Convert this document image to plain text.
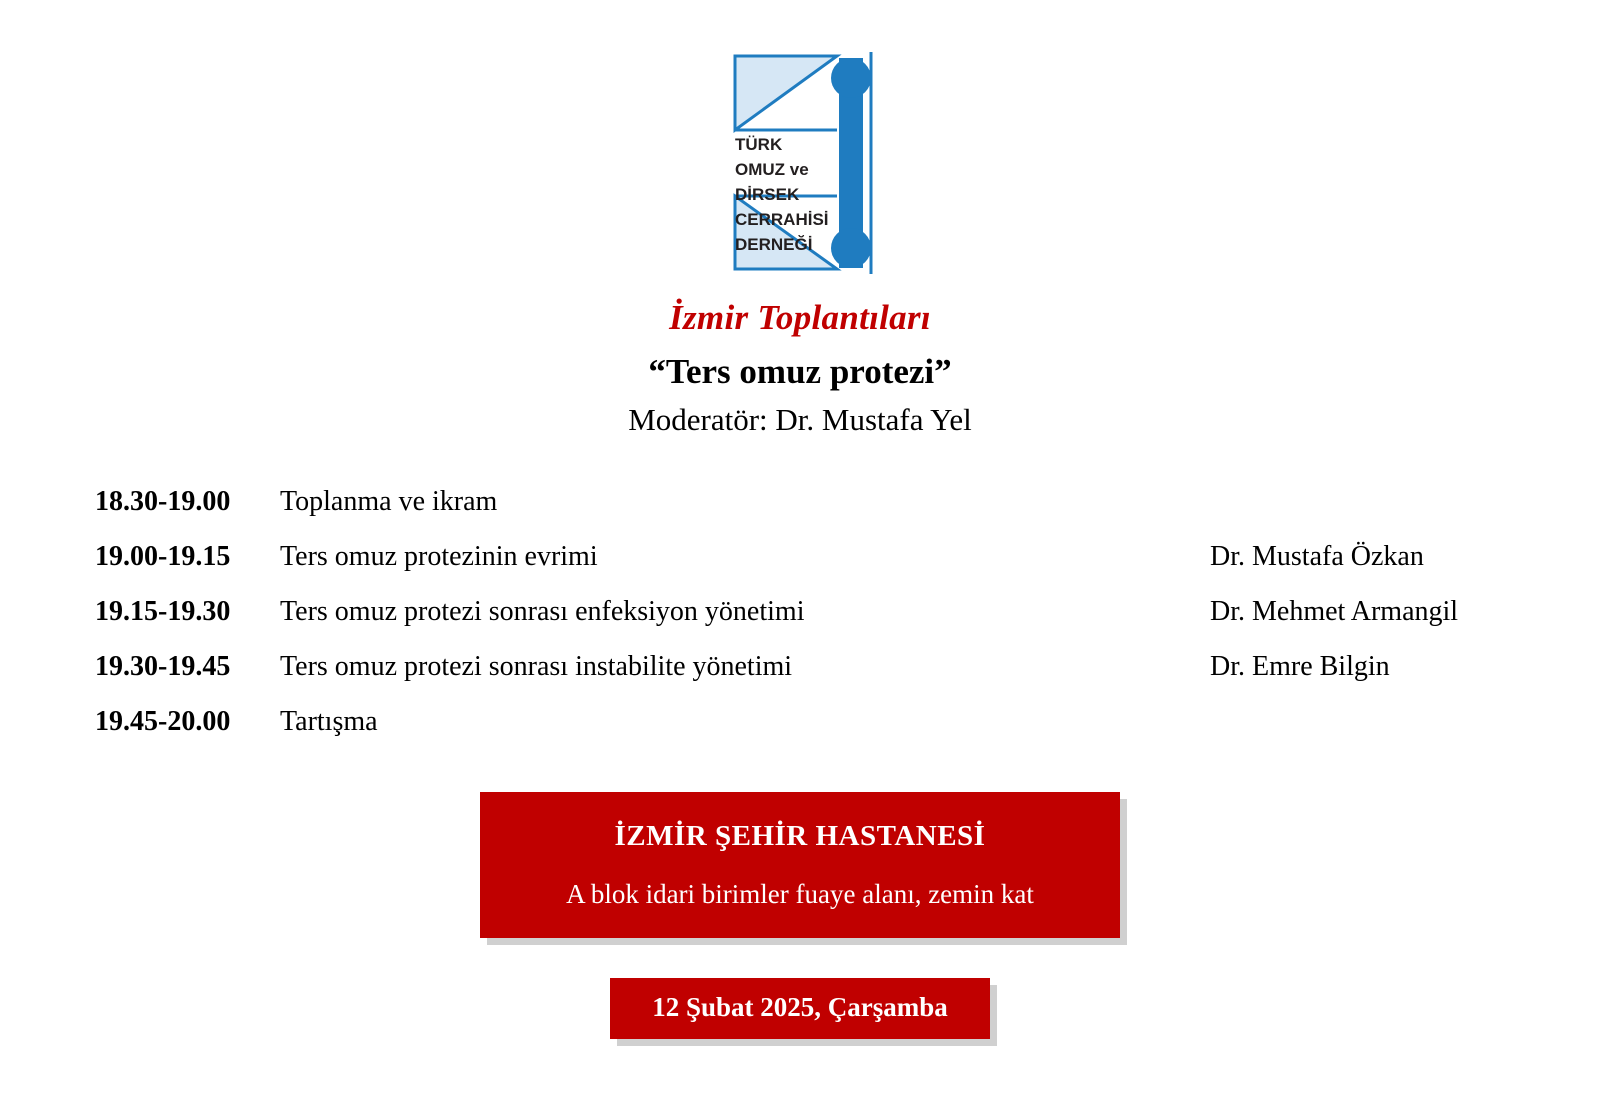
TÜRK
OMUZ ve
DİRSEK
CERRAHİSİ
DERNEĞİ

İzmir Toplantıları

“Ters omuz protezi”

Moderatör: Dr. Mustafa Yel

18.30-19.00	Toplanma ve ikram
19.00-19.15	Ters omuz protezinin evrimi	Dr. Mustafa Özkan
19.15-19.30	Ters omuz protezi sonrası enfeksiyon yönetimi	Dr. Mehmet Armangil
19.30-19.45	Ters omuz protezi sonrası instabilite yönetimi	Dr. Emre Bilgin
19.45-20.00	Tartışma

İZMİR ŞEHİR HASTANESİ

A blok idari birimler fuaye alanı, zemin kat

12 Şubat 2025, Çarşamba
